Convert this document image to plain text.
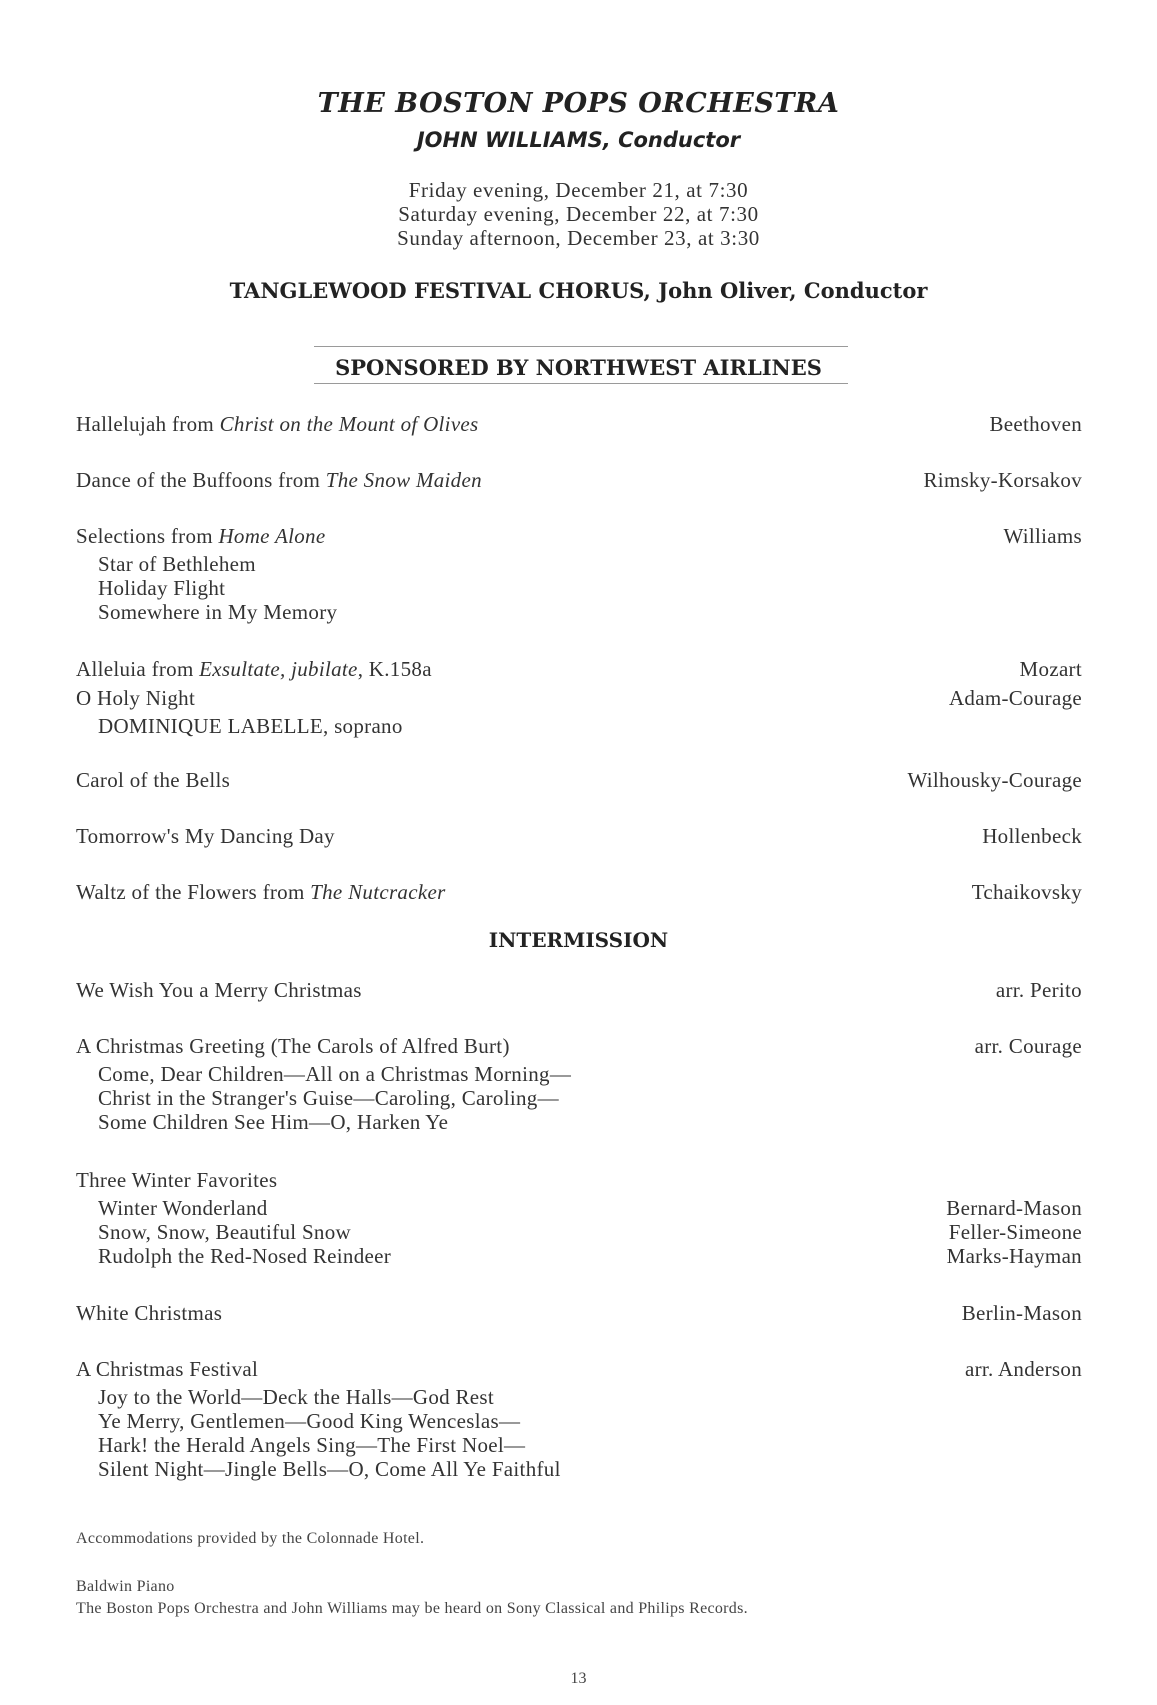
THE BOSTON POPS ORCHESTRA
JOHN WILLIAMS, Conductor
Friday evening, December 21, at 7:30
Saturday evening, December 22, at 7:30
Sunday afternoon, December 23, at 3:30
TANGLEWOOD FESTIVAL CHORUS, John Oliver, Conductor
SPONSORED BY NORTHWEST AIRLINES
Hallelujah from Christ on the Mount of Olives	Beethoven
Dance of the Buffoons from The Snow Maiden	Rimsky-Korsakov
Selections from Home Alone	Williams
Star of Bethlehem
Holiday Flight
Somewhere in My Memory
Alleluia from Exsultate, jubilate, K.158a	Mozart
O Holy Night	Adam-Courage
DOMINIQUE LABELLE, soprano
Carol of the Bells	Wilhousky-Courage
Tomorrow's My Dancing Day	Hollenbeck
Waltz of the Flowers from The Nutcracker	Tchaikovsky
We Wish You a Merry Christmas	arr. Perito
A Christmas Greeting (The Carols of Alfred Burt)	arr. Courage
Come, Dear Children—All on a Christmas Morning—
Christ in the Stranger's Guise—Caroling, Caroling—
Some Children See Him—O, Harken Ye
Three Winter Favorites
Winter Wonderland	Bernard-Mason
Snow, Snow, Beautiful Snow	Feller-Simeone
Rudolph the Red-Nosed Reindeer	Marks-Hayman
White Christmas	Berlin-Mason
A Christmas Festival	arr. Anderson
Joy to the World—Deck the Halls—God Rest
Ye Merry, Gentlemen—Good King Wenceslas—
Hark! the Herald Angels Sing—The First Noel—
Silent Night—Jingle Bells—O, Come All Ye Faithful
INTERMISSION
Accommodations provided by the Colonnade Hotel.
Baldwin Piano
The Boston Pops Orchestra and John Williams may be heard on Sony Classical and Philips Records.
13
